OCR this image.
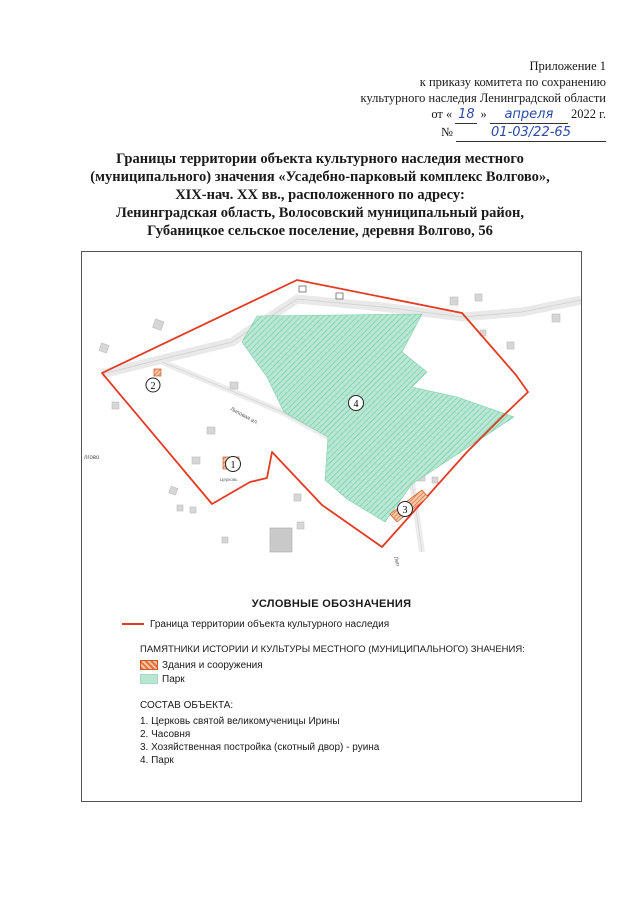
Приложение 1
к приказу комитета по сохранению
культурного наследия Ленинградской области
от « 18 » апреля 2022 г.
№	01-03/22-65
Границы территории объекта культурного наследия местного
(муниципального) значения «Усадебно-парковый комплекс Волгово»,
XIX-нач. XX вв., расположенного по адресу:
Ленинградская область, Волосовский муниципальный район,
Губаницкое сельское поселение, деревня Волгово, 56
Липовая ал.
Лип
лгово
Церковь
1
2
3
4
УСЛОВНЫЕ ОБОЗНАЧЕНИЯ
Граница территории объекта культурного наследия
ПАМЯТНИКИ ИСТОРИИ И КУЛЬТУРЫ МЕСТНОГО (МУНИЦИПАЛЬНОГО) ЗНАЧЕНИЯ:
Здания и сооружения
Парк
СОСТАВ ОБЪЕКТА:
1. Церковь святой великомученицы Ирины
2. Часовня
3. Хозяйственная постройка (скотный двор) - руина
4. Парк
